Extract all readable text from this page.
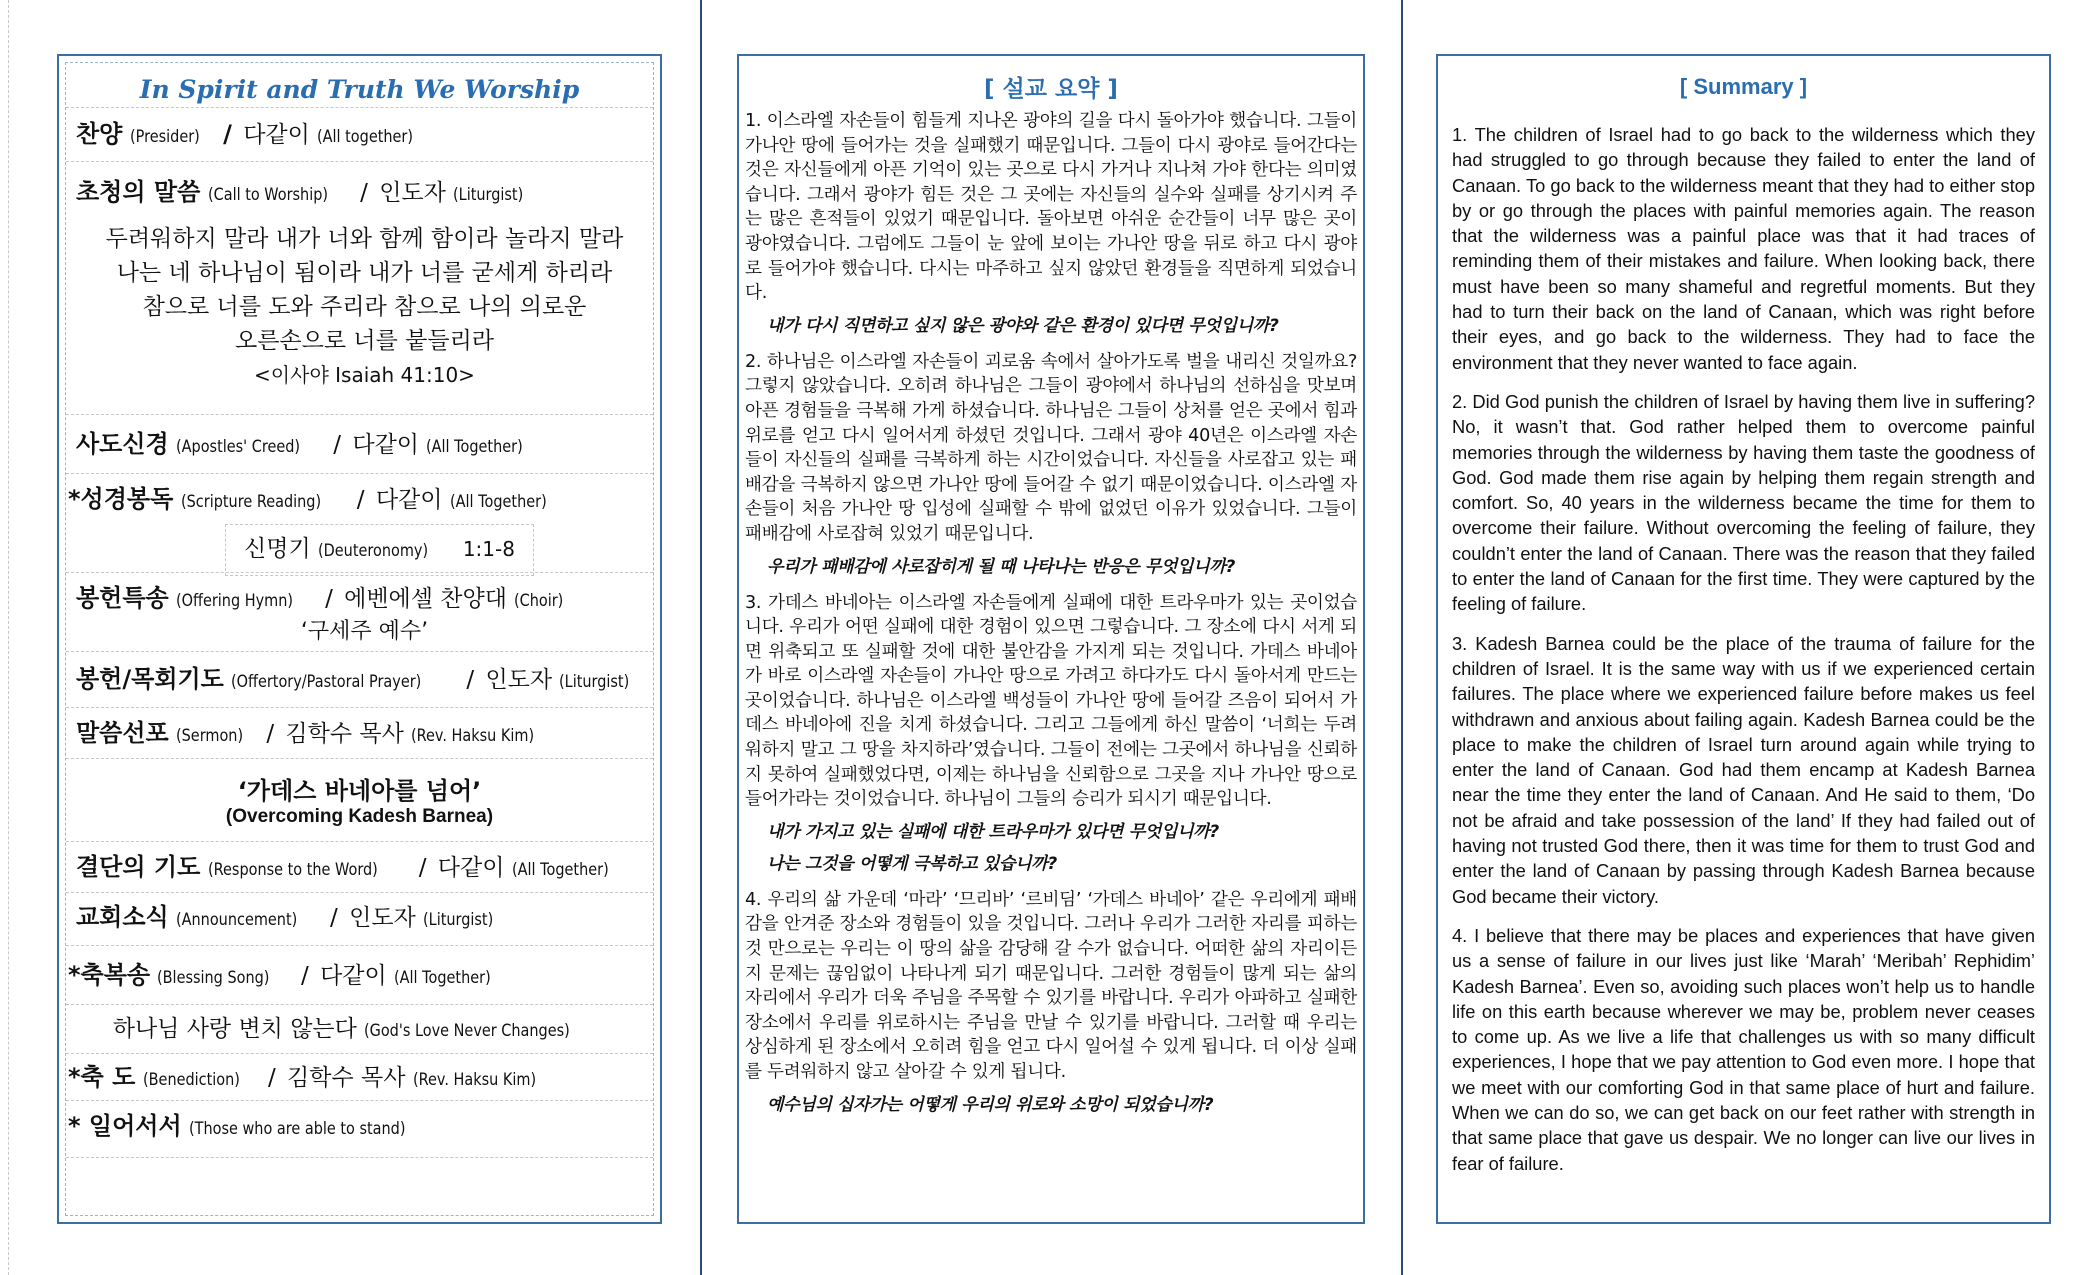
In Spirit and Truth We Worship
찬양 (Presider) / 다같이 (All together)
초청의 말씀 (Call to Worship) / 인도자 (Liturgist)
두려워하지 말라 내가 너와 함께 함이라 놀라지 말라
나는 네 하나님이 됨이라 내가 너를 굳세게 하리라
참으로 너를 도와 주리라 참으로 나의 의로운
오른손으로 너를 붙들리라
<이사야 Isaiah 41:10>
사도신경 (Apostles' Creed) / 다같이 (All Together)
*성경봉독 (Scripture Reading) / 다같이 (All Together)
신명기 (Deuteronomy) 1:1-8
봉헌특송 (Offering Hymn) / 에벤에셀 찬양대 (Choir)
‘구세주 예수’
봉헌/목회기도 (Offertory/Pastoral Prayer) / 인도자 (Liturgist)
말씀선포 (Sermon) / 김학수 목사 (Rev. Haksu Kim)
‘가데스 바네아를 넘어’
(Overcoming Kadesh Barnea)
결단의 기도 (Response to the Word) / 다같이 (All Together)
교회소식 (Announcement) / 인도자 (Liturgist)
*축복송 (Blessing Song) / 다같이 (All Together)
하나님 사랑 변치 않는다 (God's Love Never Changes)
*축 도 (Benediction) / 김학수 목사 (Rev. Haksu Kim)
* 일어서서 (Those who are able to stand)
[ 설교 요약 ]

1. 이스라엘 자손들이 힘들게 지나온 광야의 길을 다시 돌아가야 했습니다. 그들이 가나안 땅에 들어가는 것을 실패했기 때문입니다. 그들이 다시 광야로 들어간다는 것은 자신들에게 아픈 기억이 있는 곳으로 다시 가거나 지나쳐 가야 한다는 의미였습니다. 그래서 광야가 힘든 것은 그 곳에는 자신들의 실수와 실패를 상기시켜 주는 많은 흔적들이 있었기 때문입니다. 돌아보면 아쉬운 순간들이 너무 많은 곳이 광야였습니다. 그럼에도 그들이 눈 앞에 보이는 가나안 땅을 뒤로 하고 다시 광야로 들어가야 했습니다. 다시는 마주하고 싶지 않았던 환경들을 직면하게 되었습니다.

내가 다시 직면하고 싶지 않은 광야와 같은 환경이 있다면 무엇입니까?

2. 하나님은 이스라엘 자손들이 괴로움 속에서 살아가도록 벌을 내리신 것일까요? 그렇지 않았습니다. 오히려 하나님은 그들이 광야에서 하나님의 선하심을 맛보며 아픈 경험들을 극복해 가게 하셨습니다. 하나님은 그들이 상처를 얻은 곳에서 힘과 위로를 얻고 다시 일어서게 하셨던 것입니다. 그래서 광야 40년은 이스라엘 자손들이 자신들의 실패를 극복하게 하는 시간이었습니다. 자신들을 사로잡고 있는 패배감을 극복하지 않으면 가나안 땅에 들어갈 수 없기 때문이었습니다. 이스라엘 자손들이 처음 가나안 땅 입성에 실패할 수 밖에 없었던 이유가 있었습니다. 그들이 패배감에 사로잡혀 있었기 때문입니다.

우리가 패배감에 사로잡히게 될 때 나타나는 반응은 무엇입니까?

3. 가데스 바네아는 이스라엘 자손들에게 실패에 대한 트라우마가 있는 곳이었습니다. 우리가 어떤 실패에 대한 경험이 있으면 그렇습니다. 그 장소에 다시 서게 되면 위축되고 또 실패할 것에 대한 불안감을 가지게 되는 것입니다. 가데스 바네아가 바로 이스라엘 자손들이 가나안 땅으로 가려고 하다가도 다시 돌아서게 만드는 곳이었습니다. 하나님은 이스라엘 백성들이 가나안 땅에 들어갈 즈음이 되어서 가데스 바네아에 진을 치게 하셨습니다. 그리고 그들에게 하신 말씀이 ‘너희는 두려워하지 말고 그 땅을 차지하라’였습니다. 그들이 전에는 그곳에서 하나님을 신뢰하지 못하여 실패했었다면, 이제는 하나님을 신뢰함으로 그곳을 지나 가나안 땅으로 들어가라는 것이었습니다. 하나님이 그들의 승리가 되시기 때문입니다.

내가 가지고 있는 실패에 대한 트라우마가 있다면 무엇입니까?

나는 그것을 어떻게 극복하고 있습니까?

4. 우리의 삶 가운데 ‘마라’ ‘므리바’ ‘르비딤’ ‘가데스 바네아’ 같은 우리에게 패배감을 안겨준 장소와 경험들이 있을 것입니다. 그러나 우리가 그러한 자리를 피하는 것 만으로는 우리는 이 땅의 삶을 감당해 갈 수가 없습니다. 어떠한 삶의 자리이든지 문제는 끊임없이 나타나게 되기 때문입니다. 그러한 경험들이 많게 되는 삶의 자리에서 우리가 더욱 주님을 주목할 수 있기를 바랍니다. 우리가 아파하고 실패한 장소에서 우리를 위로하시는 주님을 만날 수 있기를 바랍니다. 그러할 때 우리는 상심하게 된 장소에서 오히려 힘을 얻고 다시 일어설 수 있게 됩니다. 더 이상 실패를 두려워하지 않고 살아갈 수 있게 됩니다.

예수님의 십자가는 어떻게 우리의 위로와 소망이 되었습니까?

[ Summary ]

1. The children of Israel had to go back to the wilderness which they had struggled to go through because they failed to enter the land of Canaan. To go back to the wilderness meant that they had to either stop by or go through the places with painful memories again. The reason that the wilderness was a painful place was that it had traces of reminding them of their mistakes and failure. When looking back, there must have been so many shameful and regretful moments. But they had to turn their back on the land of Canaan, which was right before their eyes, and go back to the wilderness. They had to face the environment that they never wanted to face again.

2. Did God punish the children of Israel by having them live in suffering? No, it wasn’t that. God rather helped them to overcome painful memories through the wilderness by having them taste the goodness of God. God made them rise again by helping them regain strength and comfort. So, 40 years in the wilderness became the time for them to overcome their failure. Without overcoming the feeling of failure, they couldn’t enter the land of Canaan. There was the reason that they failed to enter the land of Canaan for the first time. They were captured by the feeling of failure.

3. Kadesh Barnea could be the place of the trauma of failure for the children of Israel. It is the same way with us if we experienced certain failures. The place where we experienced failure before makes us feel withdrawn and anxious about failing again. Kadesh Barnea could be the place to make the children of Israel turn around again while trying to enter the land of Canaan. God had them encamp at Kadesh Barnea near the time they enter the land of Canaan. And He said to them, ‘Do not be afraid and take possession of the land’ If they had failed out of having not trusted God there, then it was time for them to trust God and enter the land of Canaan by passing through Kadesh Barnea because God became their victory.

4. I believe that there may be places and experiences that have given us a sense of failure in our lives just like ‘Marah’ ‘Meribah’ Rephidim’ Kadesh Barnea’. Even so, avoiding such places won’t help us to handle life on this earth because wherever we may be, problem never ceases to come up. As we live a life that challenges us with so many difficult experiences, I hope that we pay attention to God even more. I hope that we meet with our comforting God in that same place of hurt and failure. When we can do so, we can get back on our feet rather with strength in that same place that gave us despair. We no longer can live our lives in fear of failure.
